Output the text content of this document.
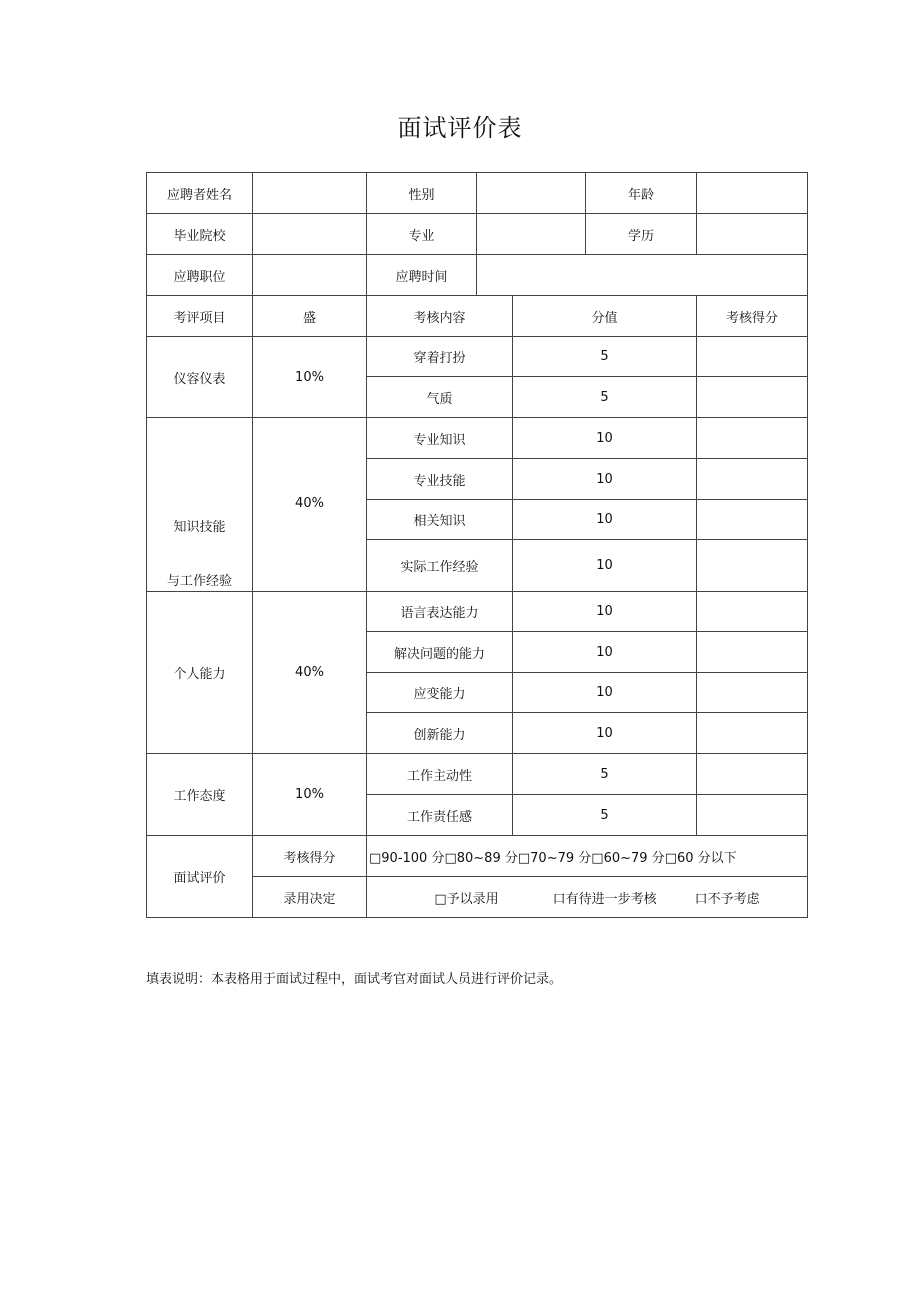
面试评价表
应聘者姓名		性别			年龄	
毕业院校		专业			学历	
应聘职位		应聘时间				
考评项目	盛	考核内容		分值		考核得分
仪容仪表	10%	穿着打扮		5		
		气质		5		

知识技能
与工作经验	40%	专业知识		10		
		专业技能		10		
		相关知识		10		
		实际工作经验		10		
个人能力	40%	语言表达能力		10		
		解决问题的能力		10		
		应变能力		10		
		创新能力		10		
工作态度	10%	工作主动性		5		
		工作责任感		5		
面试评价	考核得分	□90-100 分□80~89 分□70~79 分□60~79 分□60 分以下				
	录用决定	□予以录用 口有待进一步考核 口不予考虑				
填表说明：本表格用于面试过程中，面试考官对面试人员进行评价记录。
